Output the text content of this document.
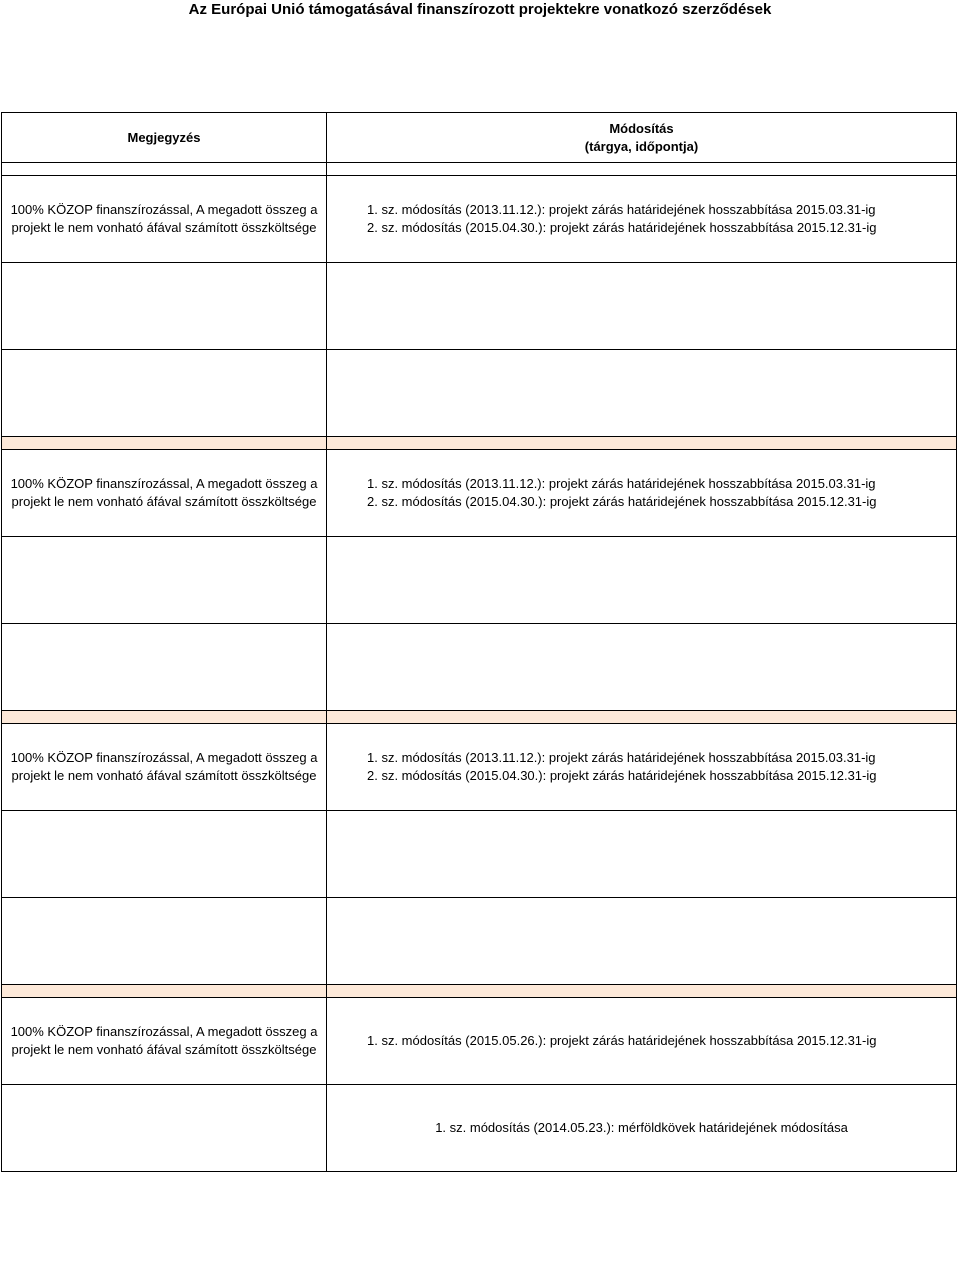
Az Európai Unió támogatásával finanszírozott projektekre vonatkozó szerződések
Megjegyzés	Módosítás
(tárgya, időpontja)

100% KÖZOP finanszírozással, A megadott összeg a projekt le nem vonható áfával számított összköltsége	1. sz. módosítás (2013.11.12.): projekt zárás határidejének hosszabbítása 2015.03.31-ig
2. sz. módosítás (2015.04.30.): projekt zárás határidejének hosszabbítása 2015.12.31-ig

100% KÖZOP finanszírozással, A megadott összeg a projekt le nem vonható áfával számított összköltsége	1. sz. módosítás (2013.11.12.): projekt zárás határidejének hosszabbítása 2015.03.31-ig
2. sz. módosítás (2015.04.30.): projekt zárás határidejének hosszabbítása 2015.12.31-ig

100% KÖZOP finanszírozással, A megadott összeg a projekt le nem vonható áfával számított összköltsége	1. sz. módosítás (2013.11.12.): projekt zárás határidejének hosszabbítása 2015.03.31-ig
2. sz. módosítás (2015.04.30.): projekt zárás határidejének hosszabbítása 2015.12.31-ig

100% KÖZOP finanszírozással, A megadott összeg a projekt le nem vonható áfával számított összköltsége	1. sz. módosítás (2015.05.26.): projekt zárás határidejének hosszabbítása 2015.12.31-ig

	1. sz. módosítás (2014.05.23.): mérföldkövek határidejének módosítása
